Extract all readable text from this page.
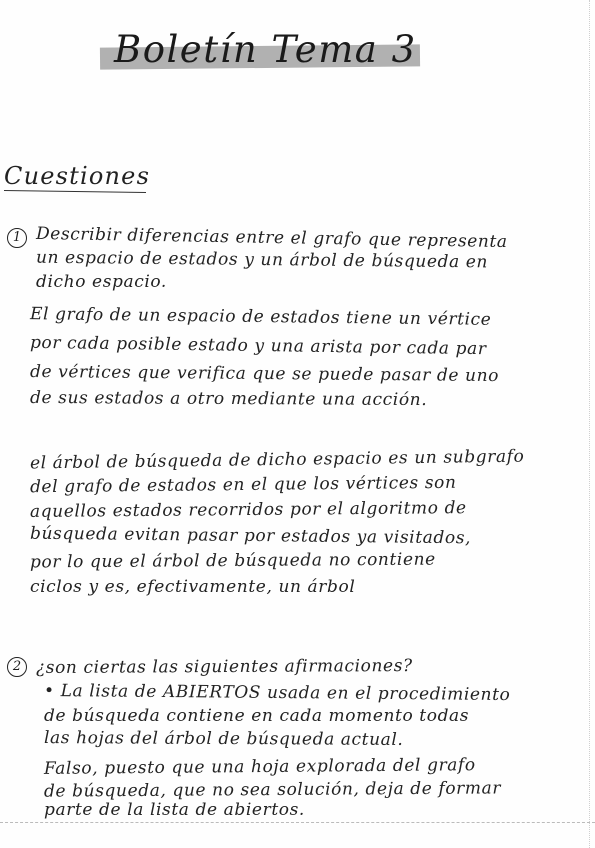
Boletín Tema 3
Cuestiones
1 Describir diferencias entre el grafo que representa
un espacio de estados y un árbol de búsqueda en
dicho espacio.
El grafo de un espacio de estados tiene un vértice
por cada posible estado y una arista por cada par
de vértices que verifica que se puede pasar de uno
de sus estados a otro mediante una acción.
el árbol de búsqueda de dicho espacio es un subgrafo
del grafo de estados en el que los vértices son
aquellos estados recorridos por el algoritmo de
búsqueda evitan pasar por estados ya visitados,
por lo que el árbol de búsqueda no contiene
ciclos y es, efectivamente, un árbol
2 ¿son ciertas las siguientes afirmaciones?
• La lista de ABIERTOS usada en el procedimiento
de búsqueda contiene en cada momento todas
las hojas del árbol de búsqueda actual.
Falso, puesto que una hoja explorada del grafo
de búsqueda, que no sea solución, deja de formar
parte de la lista de abiertos.
